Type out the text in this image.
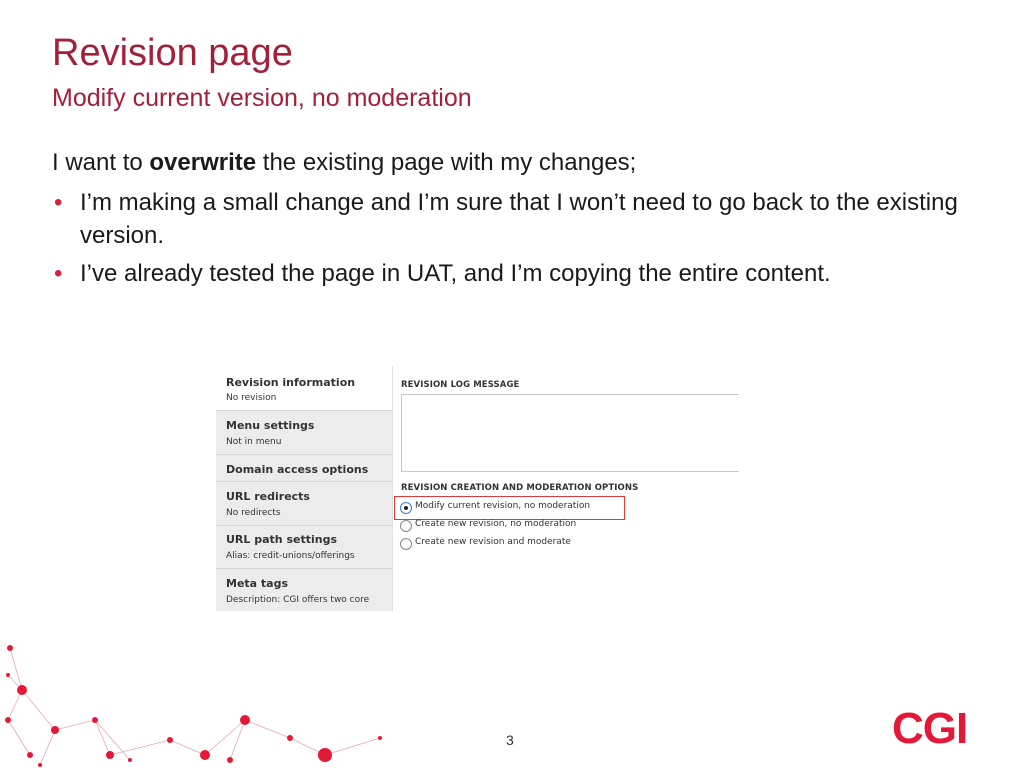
Revision page
Modify current version, no moderation
I want to overwrite the existing page with my changes;
• I’m making a small change and I’m sure that I won’t need to go back to the existing version.
• I’ve already tested the page in UAT, and I’m copying the entire content.
Revision information
No revision
Menu settings
Not in menu
Domain access options
URL redirects
No redirects
URL path settings
Alias: credit-unions/offerings
Meta tags
Description: CGI offers two core
REVISION LOG MESSAGE
REVISION CREATION AND MODERATION OPTIONS
Modify current revision, no moderation
Create new revision, no moderation
Create new revision and moderate
3	CGI
